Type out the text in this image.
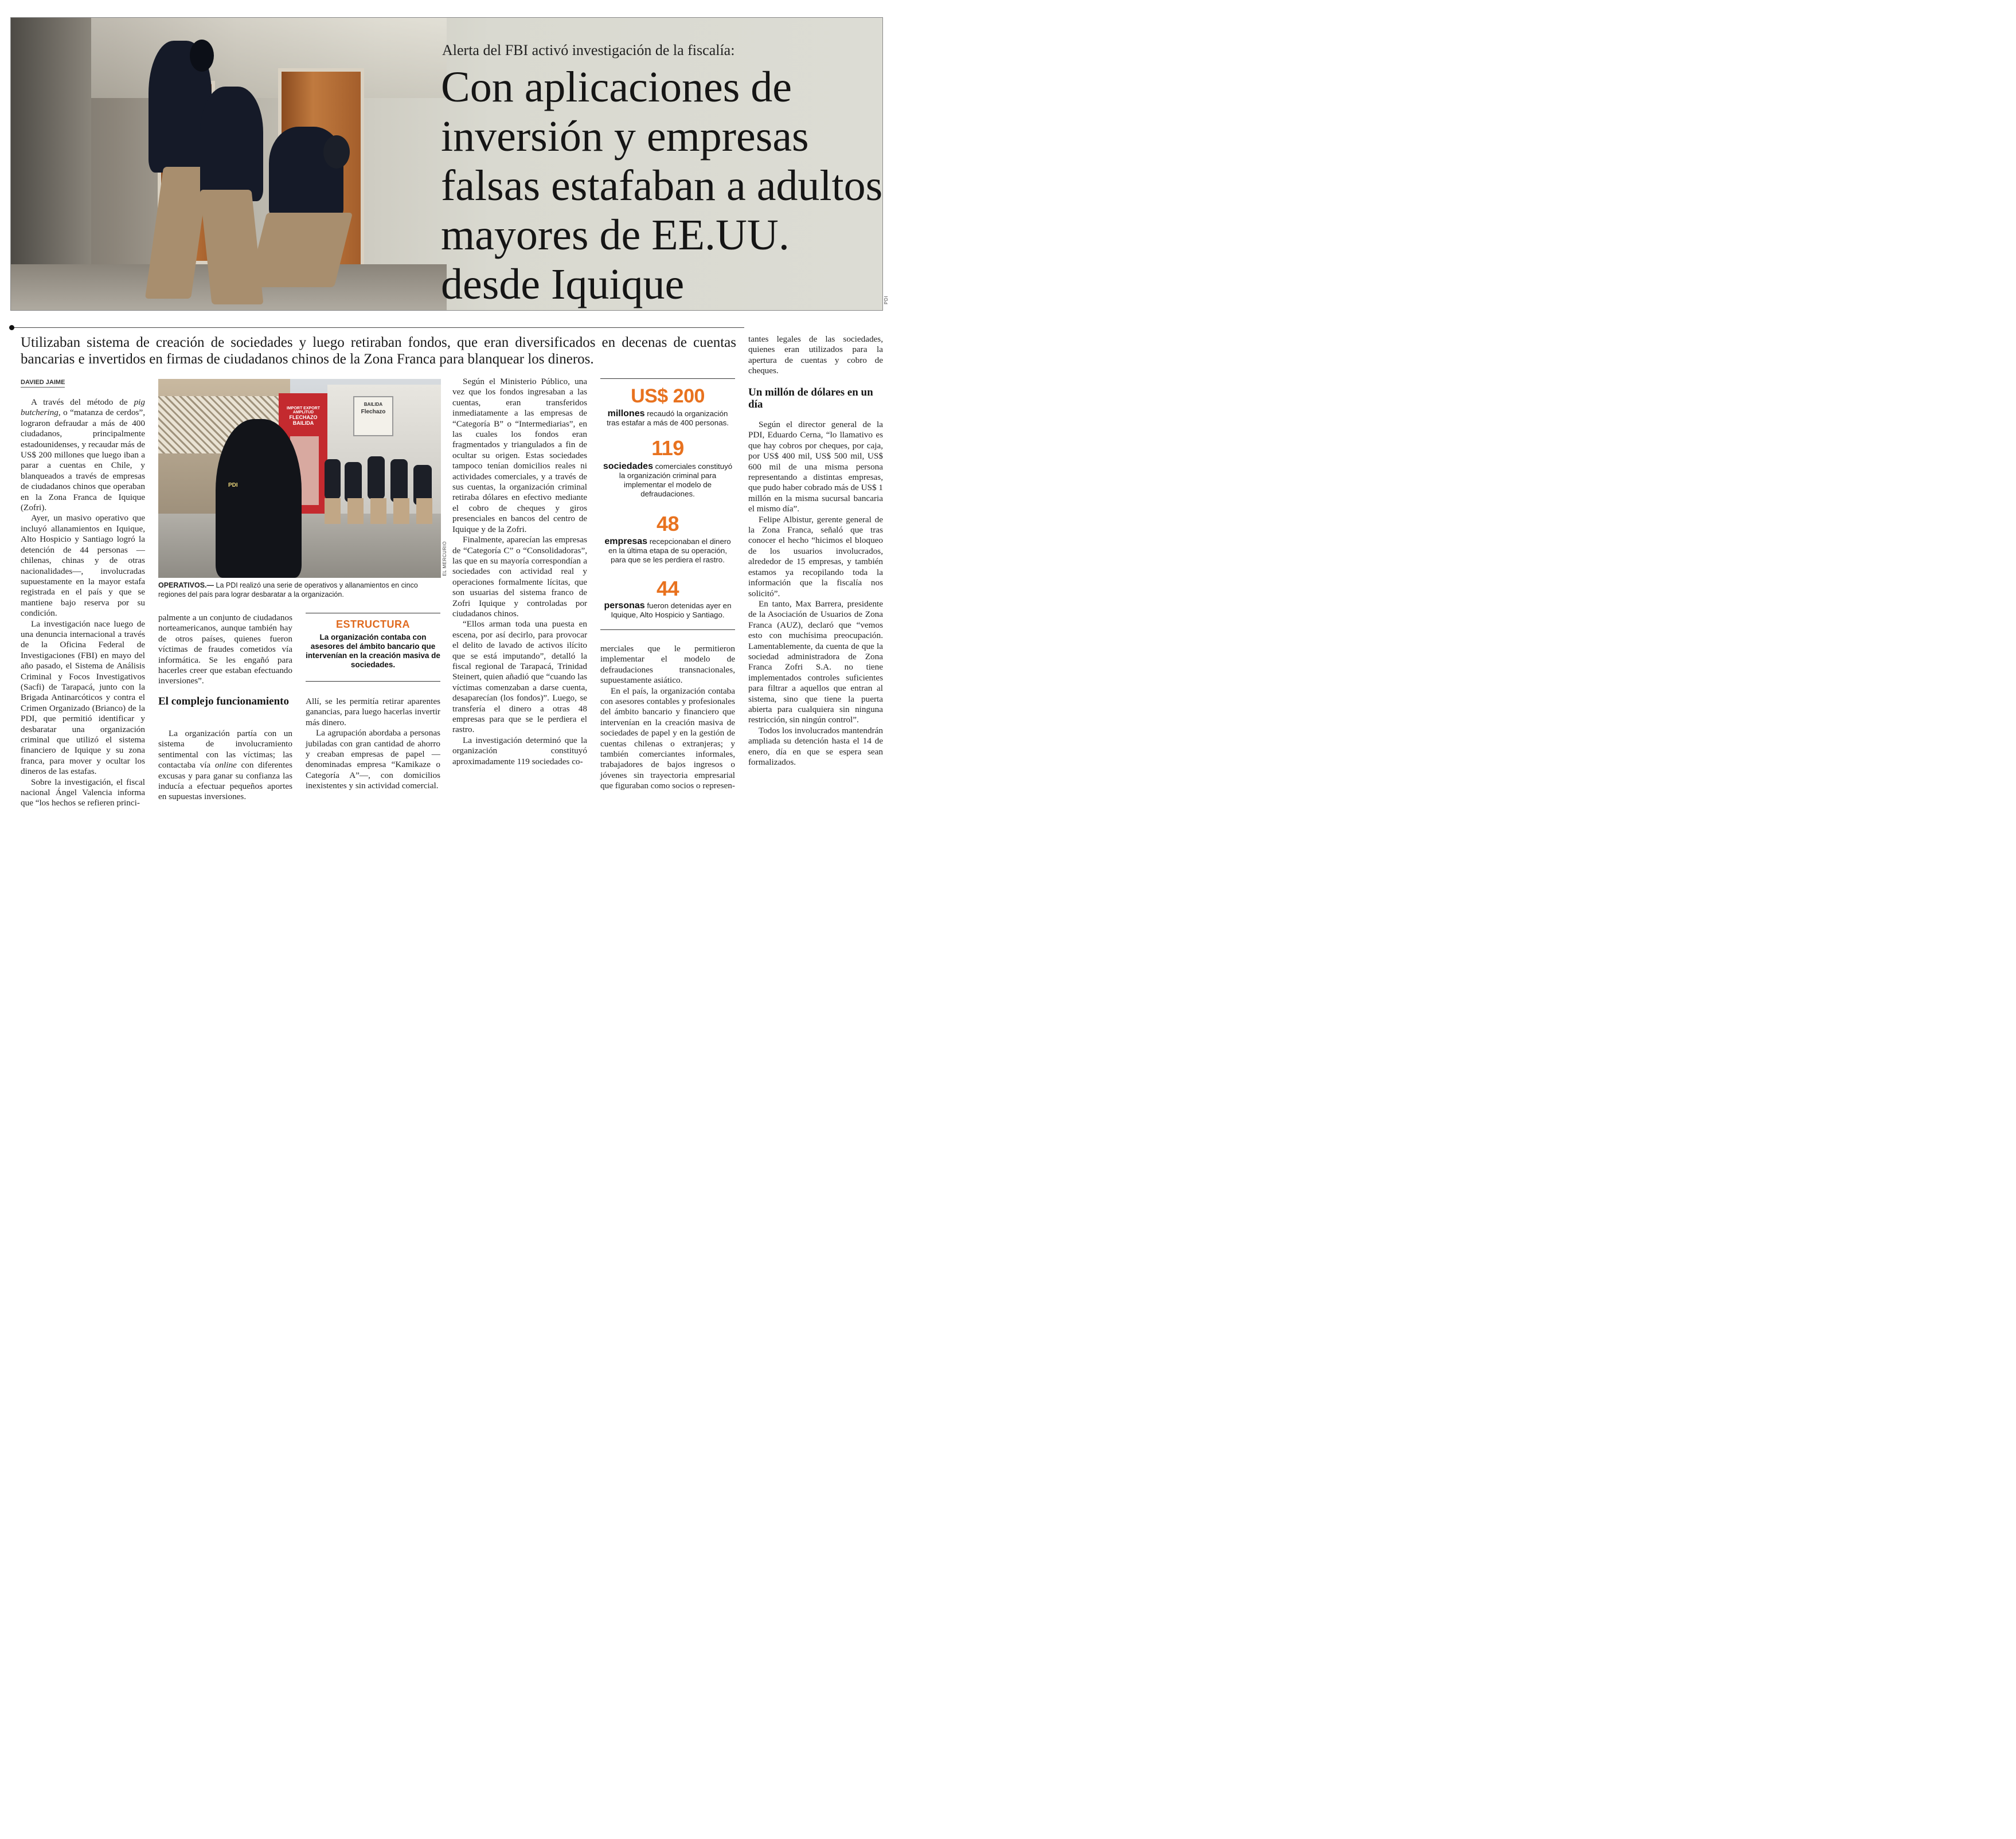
Alerta del FBI activó investigación de la fiscalía:
Con aplicaciones de inversión y empresas falsas estafaban a adultos mayores de EE.UU. desde Iquique	PDI
Utilizaban sistema de creación de sociedades y luego retiraban fondos, que eran diversificados en decenas de cuentas bancarias e invertidos en firmas de ciudadanos chinos de la Zona Franca para blanquear los dineros.
DAVIED JAIME

A través del método de pig butchering, o “matanza de cerdos”, lograron defraudar a más de 400 ciudadanos, principalmente estadounidenses, y recaudar más de US$ 200 millones que luego iban a parar a cuentas en Chile, y blanqueados a través de empresas de ciudadanos chinos que operaban en la Zona Franca de Iquique (Zofri).

Ayer, un masivo operativo que incluyó allanamientos en Iquique, Alto Hospicio y Santiago logró la detención de 44 personas —chilenas, chinas y de otras nacionalidades—, involucradas supuestamente en la mayor estafa registrada en el país y que se mantiene bajo reserva por su condición.

La investigación nace luego de una denuncia internacional a través de la Oficina Federal de Investigaciones (FBI) en mayo del año pasado, el Sistema de Análisis Criminal y Focos Investigativos (Sacfi) de Tarapacá, junto con la Brigada Antinarcóticos y contra el Crimen Organizado (Brianco) de la PDI, que permitió identificar y desbaratar una organización criminal que utilizó el sistema financiero de Iquique y su zona franca, para mover y ocultar los dineros de las estafas.

Sobre la investigación, el fiscal nacional Ángel Valencia informa que “los hechos se refieren princi-

IMPORT EXPORT AMPLITUD
FLECHAZO BAILIDA
BAILIDA
Flechazo
PDI
EL MERCURIO
OPERATIVOS.— La PDI realizó una serie de operativos y allanamientos en cinco regiones del país para lograr desbaratar a la organización.

palmente a un conjunto de ciudadanos norteamericanos, aunque también hay de otros países, quienes fueron víctimas de fraudes cometidos vía informática. Se les engañó para hacerles creer que estaban efectuando inversiones”.

El complejo funcionamiento

La organización partía con un sistema de involucramiento sentimental con las víctimas; las contactaba vía online con diferentes excusas y para ganar su confianza las inducía a efectuar pequeños aportes en supuestas inversiones.

ESTRUCTURA
La organización contaba con asesores del ámbito bancario que intervenían en la creación masiva de sociedades.

Allí, se les permitía retirar aparentes ganancias, para luego hacerlas invertir más dinero.

La agrupación abordaba a personas jubiladas con gran cantidad de ahorro y creaban empresas de papel —denominadas empresa “Kamikaze o Categoría A”—, con domicilios inexistentes y sin actividad comercial.

Según el Ministerio Público, una vez que los fondos ingresaban a las cuentas, eran transferidos inmediatamente a las empresas de “Categoría B” o “Intermediarias”, en las cuales los fondos eran fragmentados y triangulados a fin de ocultar su origen. Estas sociedades tampoco tenían domicilios reales ni actividades comerciales, y a través de sus cuentas, la organización criminal retiraba dólares en efectivo mediante el cobro de cheques y giros presenciales en bancos del centro de Iquique y de la Zofri.

Finalmente, aparecían las empresas de “Categoría C” o “Consolidadoras”, las que en su mayoría correspondían a sociedades con actividad real y operaciones formalmente lícitas, que son usuarias del sistema franco de Zofri Iquique y controladas por ciudadanos chinos.

“Ellos arman toda una puesta en escena, por así decirlo, para provocar el delito de lavado de activos ilícito que se está imputando”, detalló la fiscal regional de Tarapacá, Trinidad Steinert, quien añadió que “cuando las víctimas comenzaban a darse cuenta, desaparecían (los fondos)”. Luego, se transfería el dinero a otras 48 empresas para que se le perdiera el rastro.

La investigación determinó que la organización constituyó aproximadamente 119 sociedades co-

US$ 200
millones recaudó la organización tras estafar a más de 400 personas.
119
sociedades comerciales constituyó la organización criminal para implementar el modelo de defraudaciones.
48
empresas recepcionaban el dinero en la última etapa de su operación, para que se les perdiera el rastro.
44
personas fueron detenidas ayer en Iquique, Alto Hospicio y Santiago.

merciales que le permitieron implementar el modelo de defraudaciones transnacionales, supuestamente asiático.

En el país, la organización contaba con asesores contables y profesionales del ámbito bancario y financiero que intervenían en la creación masiva de sociedades de papel y en la gestión de cuentas chilenas o extranjeras; y también comerciantes informales, trabajadores de bajos ingresos o jóvenes sin trayectoria empresarial que figuraban como socios o represen-

tantes legales de las sociedades, quienes eran utilizados para la apertura de cuentas y cobro de cheques.

Un millón de dólares en un día

Según el director general de la PDI, Eduardo Cerna, “lo llamativo es que hay cobros por cheques, por caja, por US$ 400 mil, US$ 500 mil, US$ 600 mil de una misma persona representando a distintas empresas, que pudo haber cobrado más de US$ 1 millón en la misma sucursal bancaria el mismo día”.

Felipe Albistur, gerente general de la Zona Franca, señaló que tras conocer el hecho “hicimos el bloqueo de los usuarios involucrados, alrededor de 15 empresas, y también estamos ya recopilando toda la información que la fiscalía nos solicitó”.

En tanto, Max Barrera, presidente de la Asociación de Usuarios de Zona Franca (AUZ), declaró que “vemos esto con muchísima preocupación. Lamentablemente, da cuenta de que la sociedad administradora de Zona Franca Zofri S.A. no tiene implementados controles suficientes para filtrar a aquellos que entran al sistema, sino que tiene la puerta abierta para cualquiera sin ninguna restricción, sin ningún control”.

Todos los involucrados mantendrán ampliada su detención hasta el 14 de enero, día en que se espera sean formalizados.
